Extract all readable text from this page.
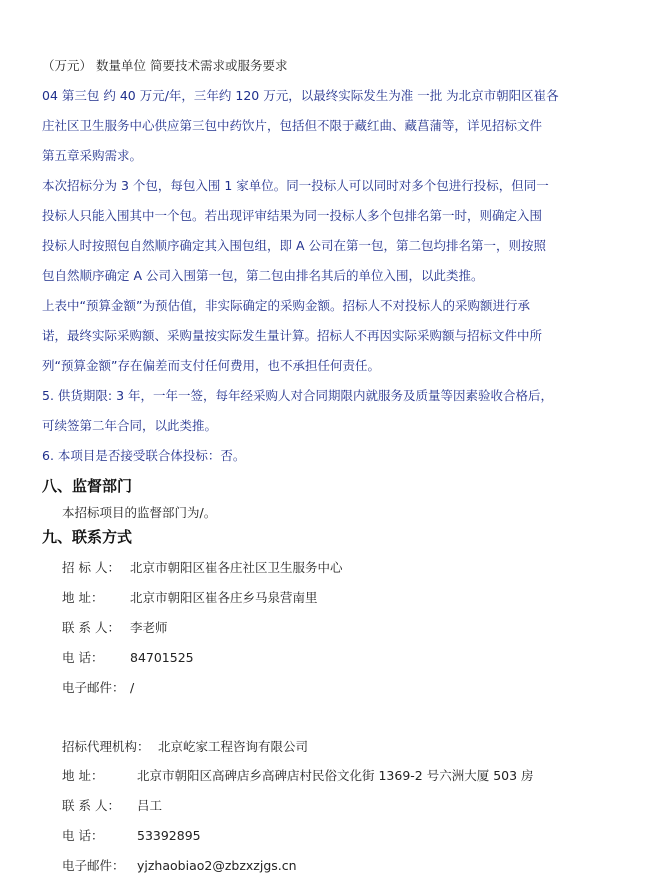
（万元） 数量单位 简要技术需求或服务要求
04 第三包 约 40 万元/年，三年约 120 万元，以最终实际发生为准 一批 为北京市朝阳区崔各
庄社区卫生服务中心供应第三包中药饮片，包括但不限于藏红曲、藏菖蒲等，详见招标文件
第五章采购需求。
本次招标分为 3 个包，每包入围 1 家单位。同一投标人可以同时对多个包进行投标，但同一
投标人只能入围其中一个包。若出现评审结果为同一投标人多个包排名第一时，则确定入围
投标人时按照包自然顺序确定其入围包组，即 A 公司在第一包，第二包均排名第一，则按照
包自然顺序确定 A 公司入围第一包，第二包由排名其后的单位入围，以此类推。
上表中“预算金额”为预估值，非实际确定的采购金额。招标人不对投标人的采购额进行承
诺，最终实际采购额、采购量按实际发生量计算。招标人不再因实际采购额与招标文件中所
列“预算金额”存在偏差而支付任何费用，也不承担任何责任。
5. 供货期限: 3 年，一年一签，每年经采购人对合同期限内就服务及质量等因素验收合格后，
可续签第二年合同，以此类推。
6. 本项目是否接受联合体投标：否。
八、监督部门
本招标项目的监督部门为/。
九、联系方式
招 标 人： 北京市朝阳区崔各庄社区卫生服务中心
地 址： 北京市朝阳区崔各庄乡马泉营南里
联 系 人： 李老师
电 话： 84701525
电子邮件： /
招标代理机构： 北京屹家工程咨询有限公司
地 址：	北京市朝阳区高碑店乡高碑店村民俗文化街 1369-2 号六洲大厦 503 房
联 系 人： 吕工
电 话：	53392895
电子邮件： yjzhaobiao2@zbzxzjgs.cn
